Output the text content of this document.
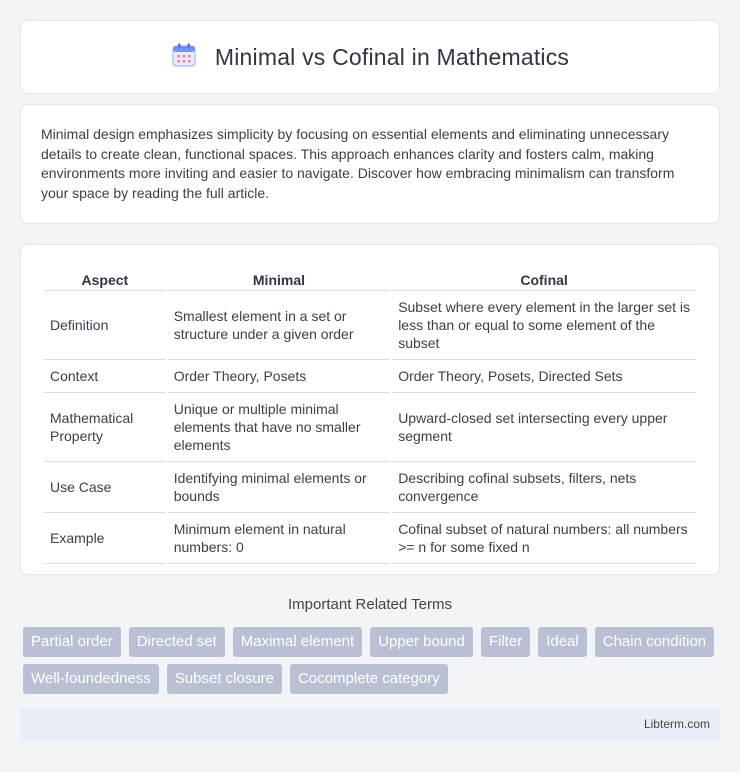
Minimal vs Cofinal in Mathematics

Minimal design emphasizes simplicity by focusing on essential elements and eliminating unnecessary details to create clean, functional spaces. This approach enhances clarity and fosters calm, making environments more inviting and easier to navigate. Discover how embracing minimalism can transform your space by reading the full article.

Aspect	Minimal	Cofinal
Definition	Smallest element in a set or structure under a given order	Subset where every element in the larger set is less than or equal to some element of the subset
Context	Order Theory, Posets	Order Theory, Posets, Directed Sets
Mathematical Property	Unique or multiple minimal elements that have no smaller elements	Upward-closed set intersecting every upper segment
Use Case	Identifying minimal elements or bounds	Describing cofinal subsets, filters, nets convergence
Example	Minimum element in natural numbers: 0	Cofinal subset of natural numbers: all numbers >= n for some fixed n
Important Related Terms
Partial order	Directed set	Maximal element	Upper bound	Filter	Ideal	Chain condition
Well-foundedness	Subset closure	Cocomplete category
Libterm.com
